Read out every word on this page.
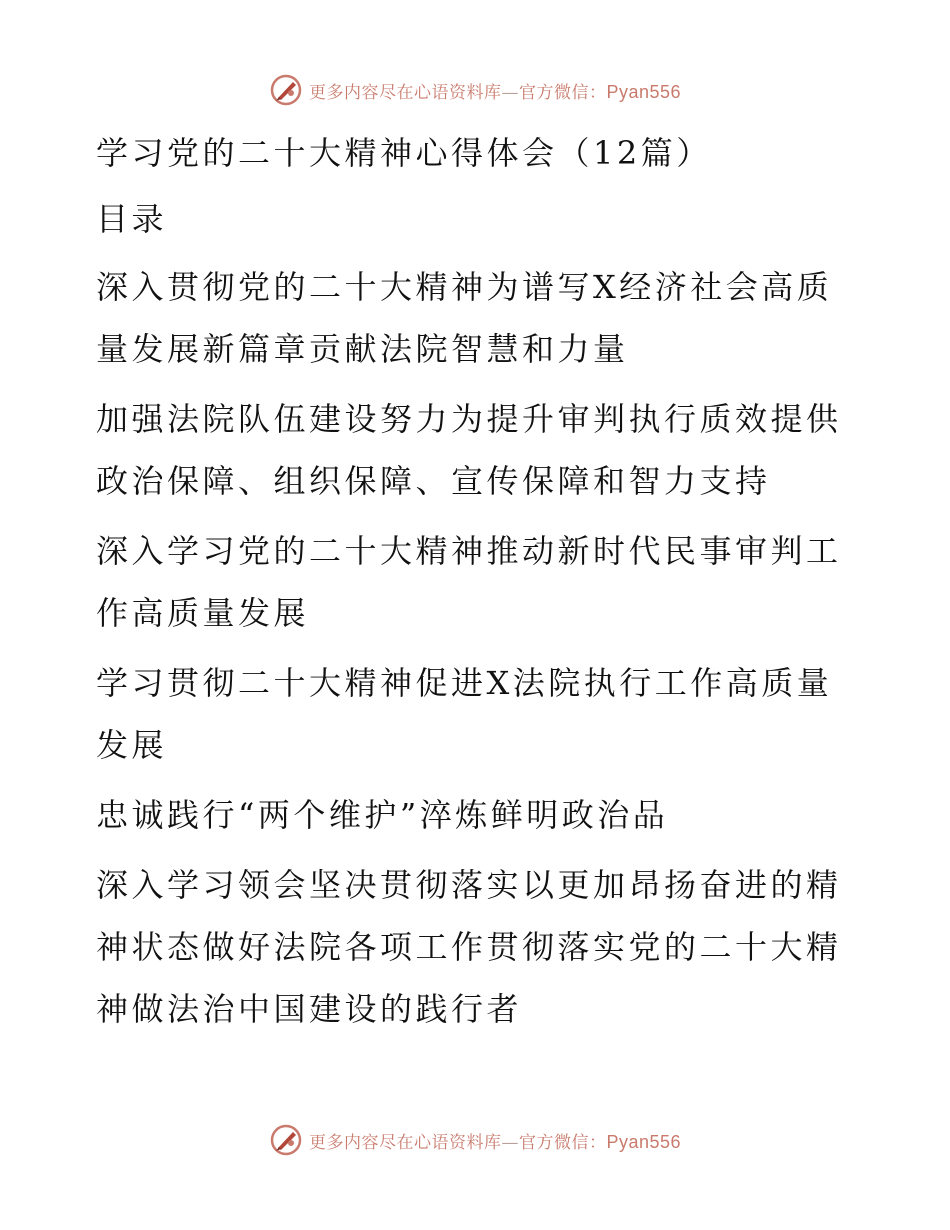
更多内容尽在心语资料库—官方微信：Pyan556

学习党的二十大精神心得体会（12篇）

目录

深入贯彻党的二十大精神为谱写X经济社会高质量发展新篇章贡献法院智慧和力量

加强法院队伍建设努力为提升审判执行质效提供政治保障、组织保障、宣传保障和智力支持

深入学习党的二十大精神推动新时代民事审判工作高质量发展

学习贯彻二十大精神促进X法院执行工作高质量发展

忠诚践行“两个维护”淬炼鲜明政治品

深入学习领会坚决贯彻落实以更加昂扬奋进的精神状态做好法院各项工作贯彻落实党的二十大精神做法治中国建设的践行者

更多内容尽在心语资料库—官方微信：Pyan556
